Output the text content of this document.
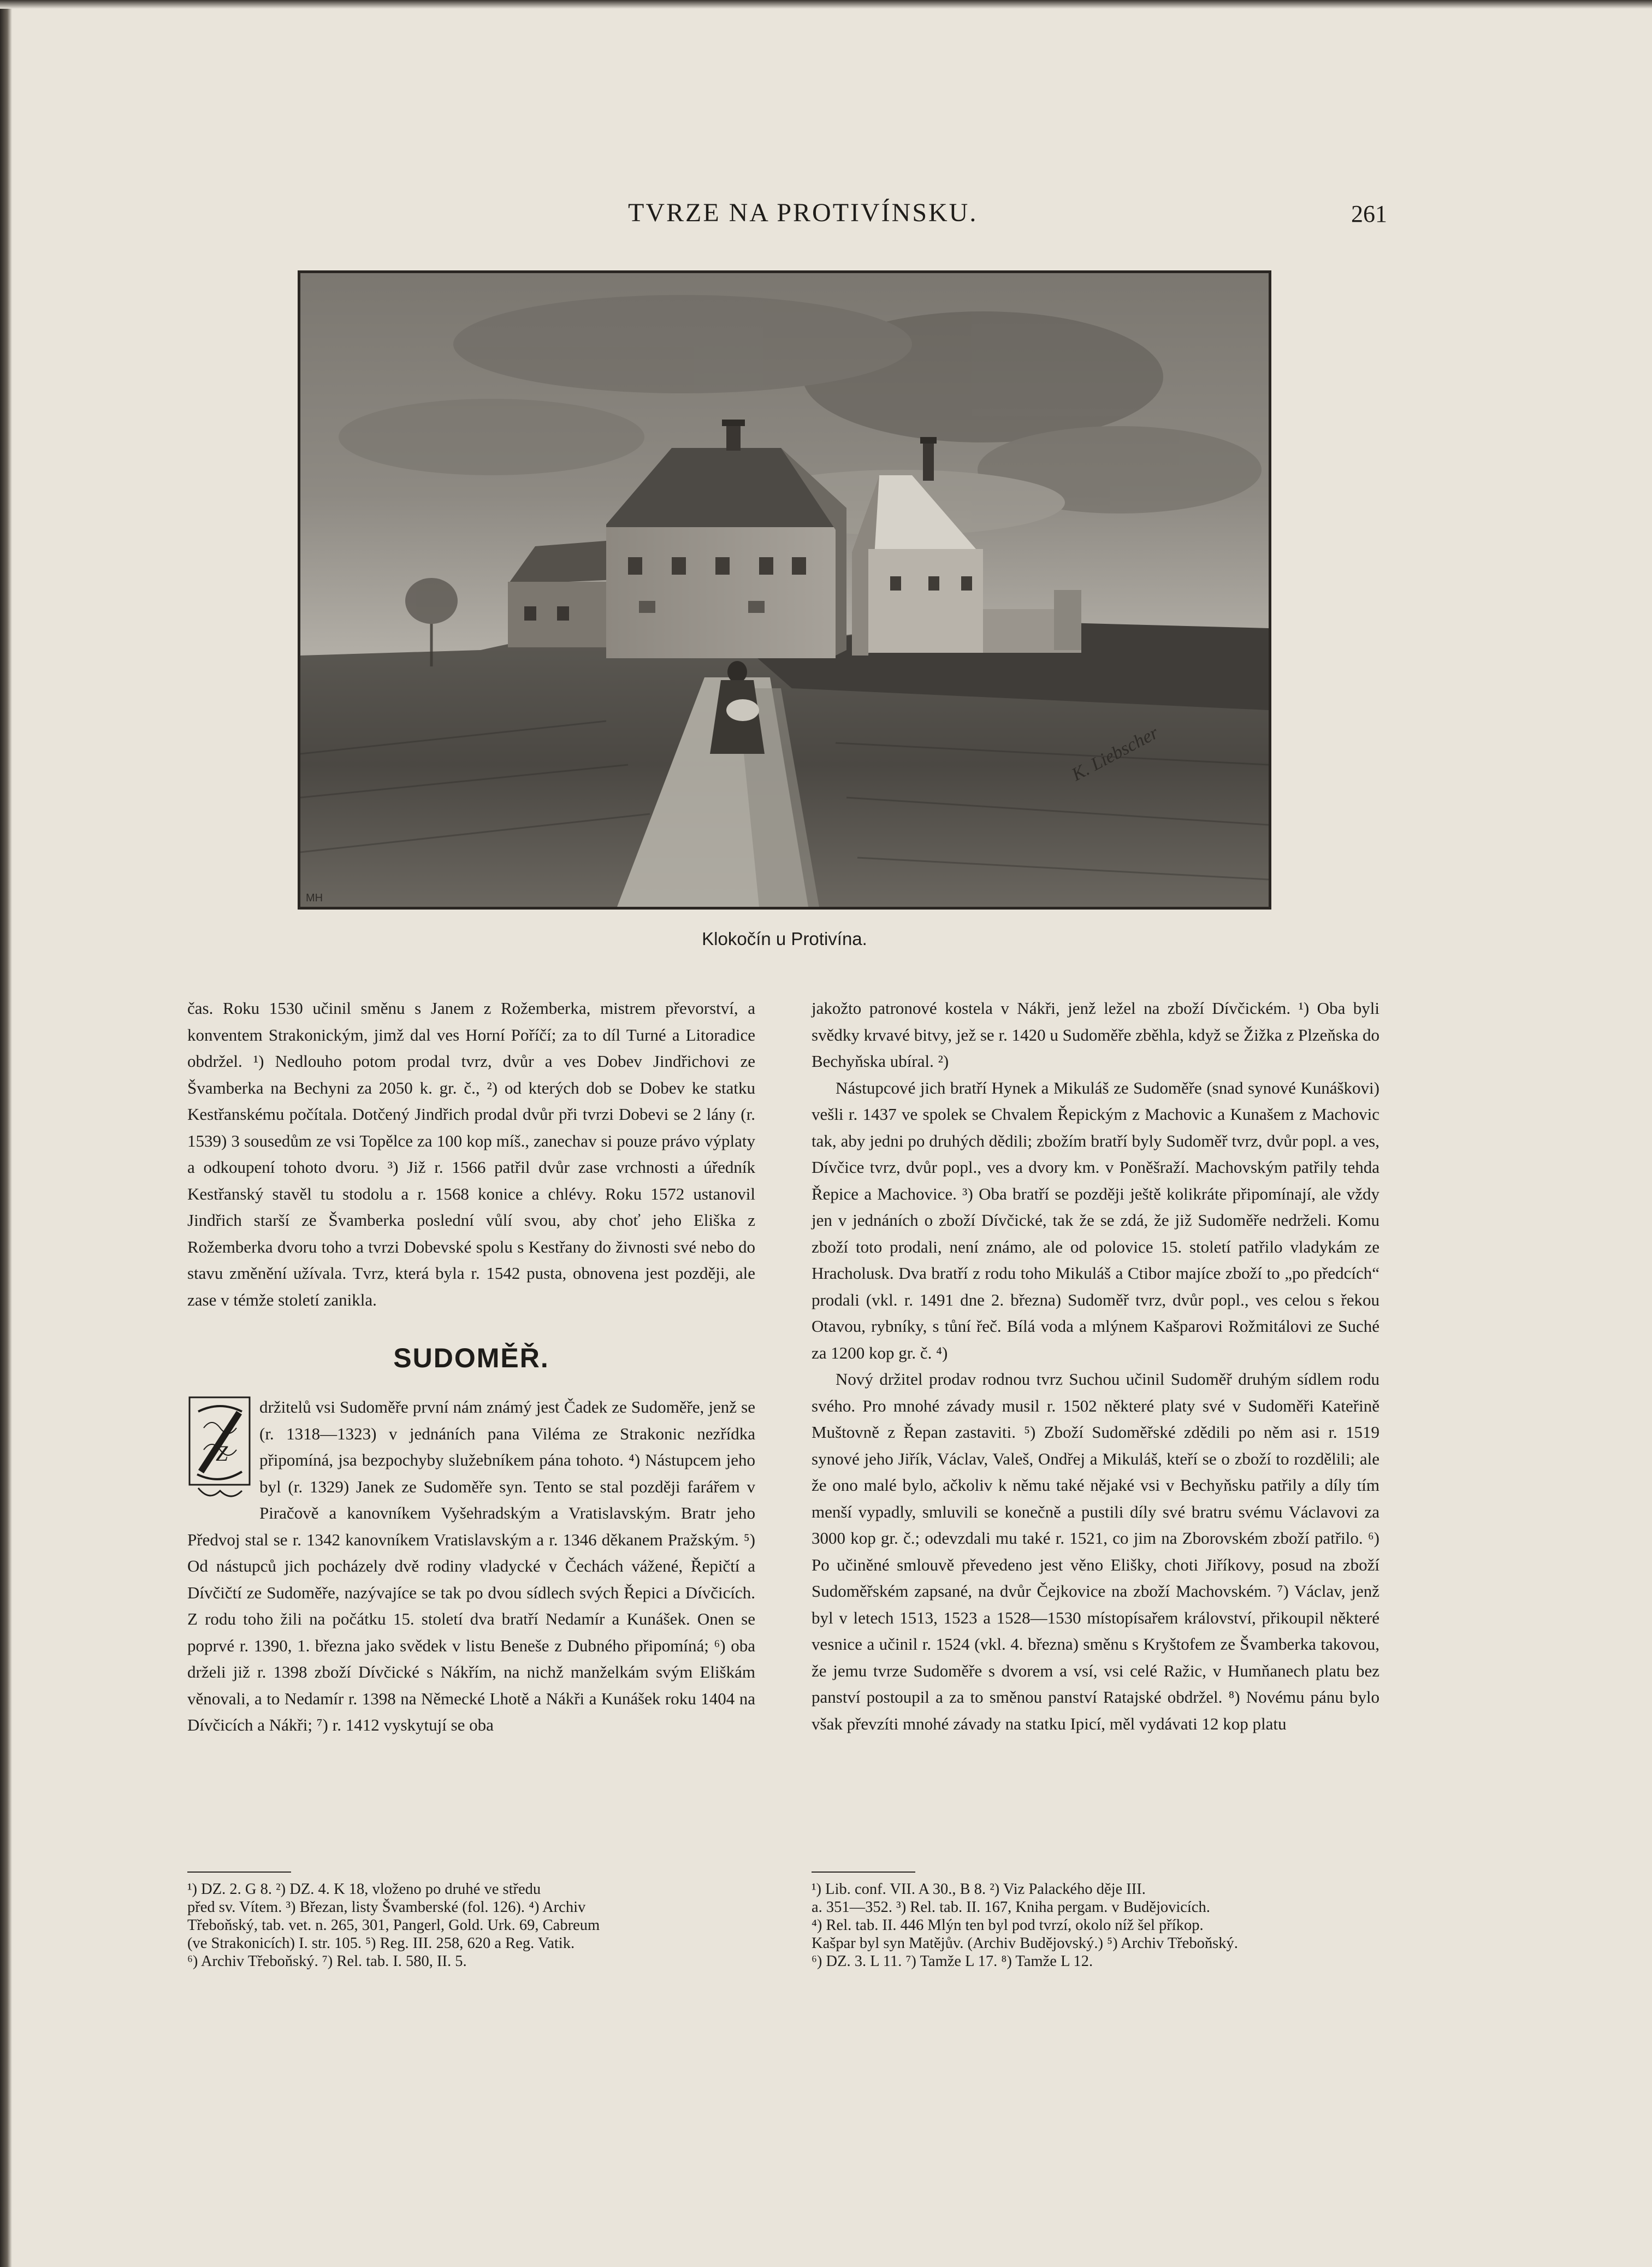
TVRZE NA PROTIVÍNSKU.	261
K. Liebscher
MH
Klokočín u Protivína.

čas. Roku 1530 učinil směnu s Janem z Rožemberka, mistrem převorství, a konventem Strakonickým, jimž dal ves Horní Poříčí; za to díl Turné a Litoradice obdržel. ¹) Nedlouho potom prodal tvrz, dvůr a ves Dobev Jindřichovi ze Švamberka na Bechyni za 2050 k. gr. č., ²) od kterých dob se Dobev ke statku Kestřanskému počítala. Dotčený Jindřich prodal dvůr při tvrzi Dobevi se 2 lány (r. 1539) 3 sousedům ze vsi Topělce za 100 kop míš., zanechav si pouze právo výplaty a odkoupení tohoto dvoru. ³) Již r. 1566 patřil dvůr zase vrchnosti a úředník Kestřanský stavěl tu stodolu a r. 1568 konice a chlévy. Roku 1572 ustanovil Jindřich starší ze Švamberka poslední vůlí svou, aby choť jeho Eliška z Rožemberka dvoru toho a tvrzi Dobevské spolu s Kestřany do živnosti své nebo do stavu změnění užívala. Tvrz, která byla r. 1542 pusta, obnovena jest později, ale zase v témže století zanikla.

SUDOMĚŘ.
Z

držitelů vsi Sudoměře první nám známý jest Čadek ze Sudoměře, jenž se (r. 1318—1323) v jednáních pana Viléma ze Strakonic nezřídka připomíná, jsa bezpochyby služebníkem pána tohoto. ⁴) Nástupcem jeho byl (r. 1329) Janek ze Sudoměře syn. Tento se stal později farářem v Piračově a kanovníkem Vyšehradským a Vratislavským. Bratr jeho Předvoj stal se r. 1342 kanovníkem Vratislavským a r. 1346 děkanem Pražským. ⁵) Od nástupců jich pocházely dvě rodiny vladycké v Čechách vážené, Řepičtí a Dívčičtí ze Sudoměře, nazývajíce se tak po dvou sídlech svých Řepici a Dívčicích. Z rodu toho žili na počátku 15. století dva bratří Nedamír a Kunášek. Onen se poprvé r. 1390, 1. března jako svědek v listu Beneše z Dubného připomíná; ⁶) oba drželi již r. 1398 zboží Dívčické s Nákřím, na nichž manželkám svým Eliškám věnovali, a to Nedamír r. 1398 na Německé Lhotě a Nákři a Kunášek roku 1404 na Dívčicích a Nákři; ⁷) r. 1412 vyskytují se oba

jakožto patronové kostela v Nákři, jenž ležel na zboží Dívčickém. ¹) Oba byli svědky krvavé bitvy, jež se r. 1420 u Sudoměře zběhla, když se Žižka z Plzeňska do Bechyňska ubíral. ²)

Nástupcové jich bratří Hynek a Mikuláš ze Sudoměře (snad synové Kunáškovi) vešli r. 1437 ve spolek se Chvalem Řepickým z Machovic a Kunašem z Machovic tak, aby jedni po druhých dědili; zbožím bratří byly Sudoměř tvrz, dvůr popl. a ves, Dívčice tvrz, dvůr popl., ves a dvory km. v Poněšraží. Machovským patřily tehda Řepice a Machovice. ³) Oba bratří se později ještě kolikráte připomínají, ale vždy jen v jednáních o zboží Dívčické, tak že se zdá, že již Sudoměře nedrželi. Komu zboží toto prodali, není známo, ale od polovice 15. století patřilo vladykám ze Hracholusk. Dva bratří z rodu toho Mikuláš a Ctibor majíce zboží to „po předcích“ prodali (vkl. r. 1491 dne 2. března) Sudoměř tvrz, dvůr popl., ves celou s řekou Otavou, rybníky, s tůní řeč. Bílá voda a mlýnem Kašparovi Rožmitálovi ze Suché za 1200 kop gr. č. ⁴)

Nový držitel prodav rodnou tvrz Suchou učinil Sudoměř druhým sídlem rodu svého. Pro mnohé závady musil r. 1502 některé platy své v Sudoměři Kateřině Muštovně z Řepan zastaviti. ⁵) Zboží Sudoměřské zdědili po něm asi r. 1519 synové jeho Jiřík, Václav, Valeš, Ondřej a Mikuláš, kteří se o zboží to rozdělili; ale že ono malé bylo, ačkoliv k němu také nějaké vsi v Bechyňsku patřily a díly tím menší vypadly, smluvili se konečně a pustili díly své bratru svému Václavovi za 3000 kop gr. č.; odevzdali mu také r. 1521, co jim na Zborovském zboží patřilo. ⁶) Po učiněné smlouvě převedeno jest věno Elišky, choti Jiříkovy, posud na zboží Sudoměřském zapsané, na dvůr Čejkovice na zboží Machovském. ⁷) Václav, jenž byl v letech 1513, 1523 a 1528—1530 místopísařem království, přikoupil některé vesnice a učinil r. 1524 (vkl. 4. března) směnu s Kryštofem ze Švamberka takovou, že jemu tvrze Sudoměře s dvorem a vsí, vsi celé Ražic, v Humňanech platu bez panství postoupil a za to směnou panství Ratajské obdržel. ⁸) Novému pánu bylo však převzíti mnohé závady na statku Ipicí, měl vydávati 12 kop platu

¹) DZ. 2. G 8. ²) DZ. 4. K 18, vloženo po druhé ve středu
před sv. Vítem. ³) Březan, listy Švamberské (fol. 126). ⁴) Archiv
Třeboňský, tab. vet. n. 265, 301, Pangerl, Gold. Urk. 69, Cabreum
(ve Strakonicích) I. str. 105. ⁵) Reg. III. 258, 620 a Reg. Vatik.
⁶) Archiv Třeboňský. ⁷) Rel. tab. I. 580, II. 5.
¹) Lib. conf. VII. A 30., B 8. ²) Viz Palackého děje III.
a. 351—352. ³) Rel. tab. II. 167, Kniha pergam. v Budějovicích.
⁴) Rel. tab. II. 446 Mlýn ten byl pod tvrzí, okolo níž šel příkop.
Kašpar byl syn Matějův. (Archiv Budějovský.) ⁵) Archiv Třeboňský.
⁶) DZ. 3. L 11. ⁷) Tamže L 17. ⁸) Tamže L 12.
